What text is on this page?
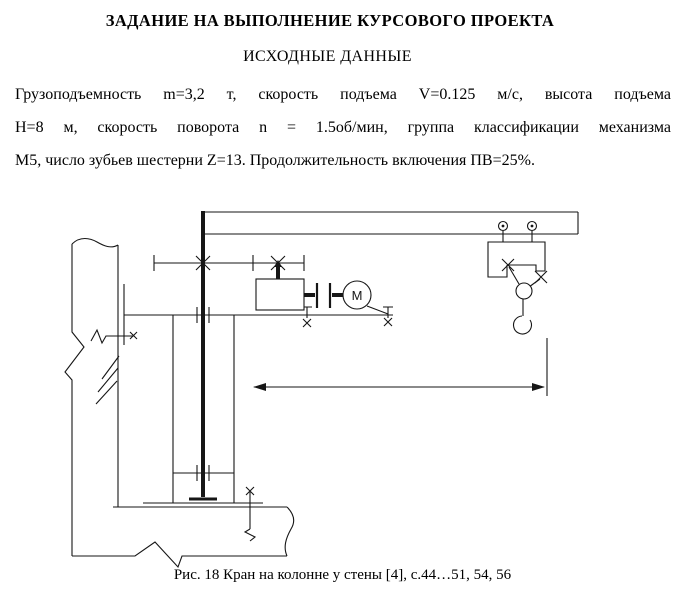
ЗАДАНИЕ НА ВЫПОЛНЕНИЕ КУРСОВОГО ПРОЕКТА
ИСХОДНЫЕ ДАННЫЕ
Грузоподъемность m=3,2 т, скорость подъема V=0.125 м/с, высота подъема
Н=8 м, скорость поворота n = 1.5об/мин, группа классификации механизма
М5, число зубьев шестерни Z=13. Продолжительность включения ПВ=25%.
М
Рис. 18 Кран на колонне у стены [4], с.44…51, 54, 56
